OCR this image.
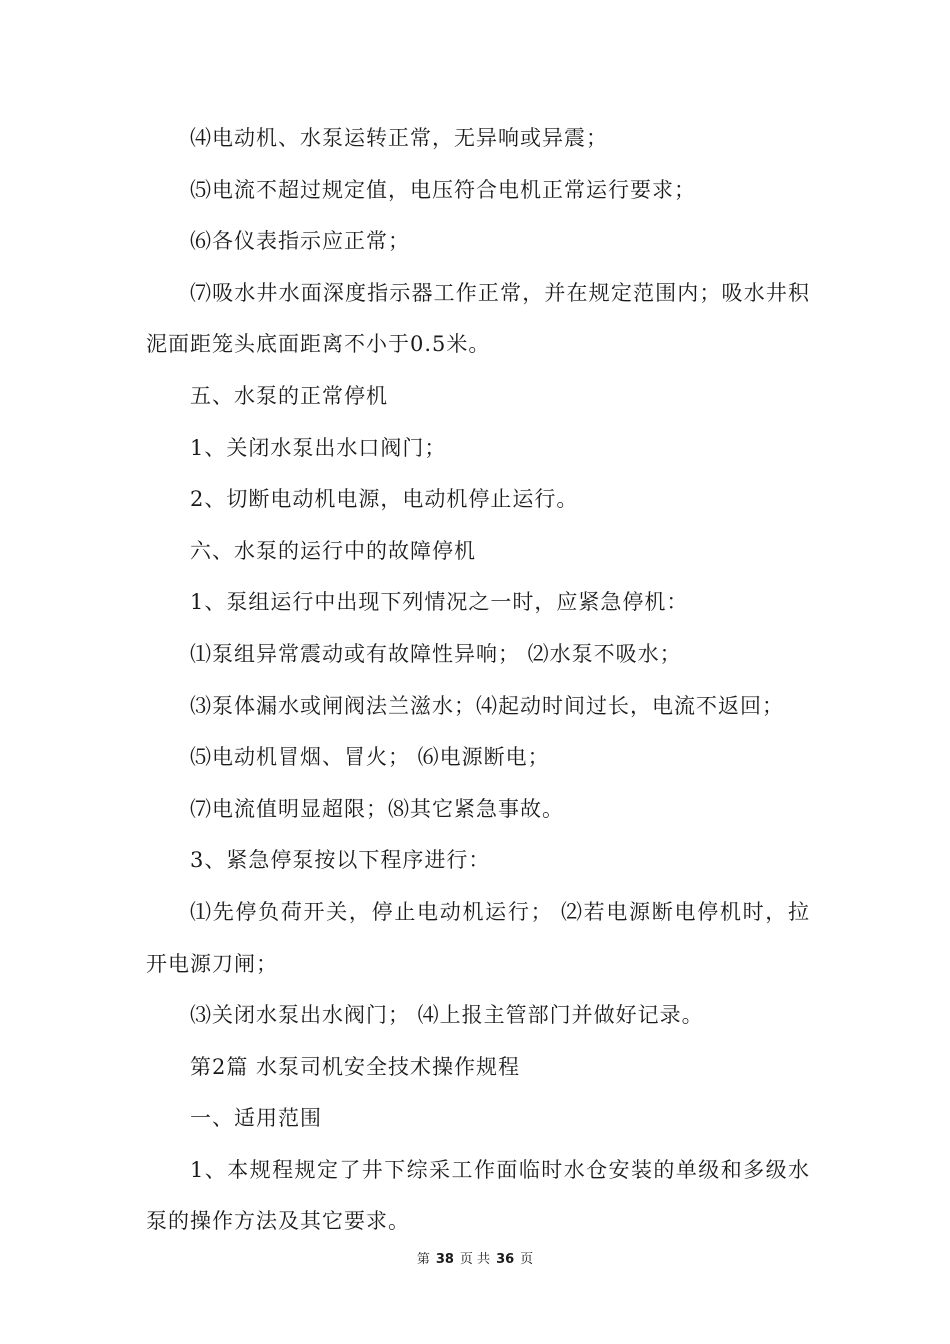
⑷电动机、水泵运转正常，无异响或异震；

⑸电流不超过规定值，电压符合电机正常运行要求；

⑹各仪表指示应正常；

⑺吸水井水面深度指示器工作正常，并在规定范围内；吸水井积泥面距笼头底面距离不小于0.5米。

五、水泵的正常停机

1、关闭水泵出水口阀门；

2、切断电动机电源，电动机停止运行。

六、水泵的运行中的故障停机

1、泵组运行中出现下列情况之一时，应紧急停机：

⑴泵组异常震动或有故障性异响； ⑵水泵不吸水；

⑶泵体漏水或闸阀法兰滋水；⑷起动时间过长，电流不返回；

⑸电动机冒烟、冒火； ⑹电源断电；

⑺电流值明显超限；⑻其它紧急事故。

3、紧急停泵按以下程序进行：

⑴先停负荷开关，停止电动机运行； ⑵若电源断电停机时，拉开电源刀闸；

⑶关闭水泵出水阀门； ⑷上报主管部门并做好记录。

第2篇 水泵司机安全技术操作规程

一、适用范围

1、本规程规定了井下综采工作面临时水仓安装的单级和多级水泵的操作方法及其它要求。

第 38 页 共 36 页
